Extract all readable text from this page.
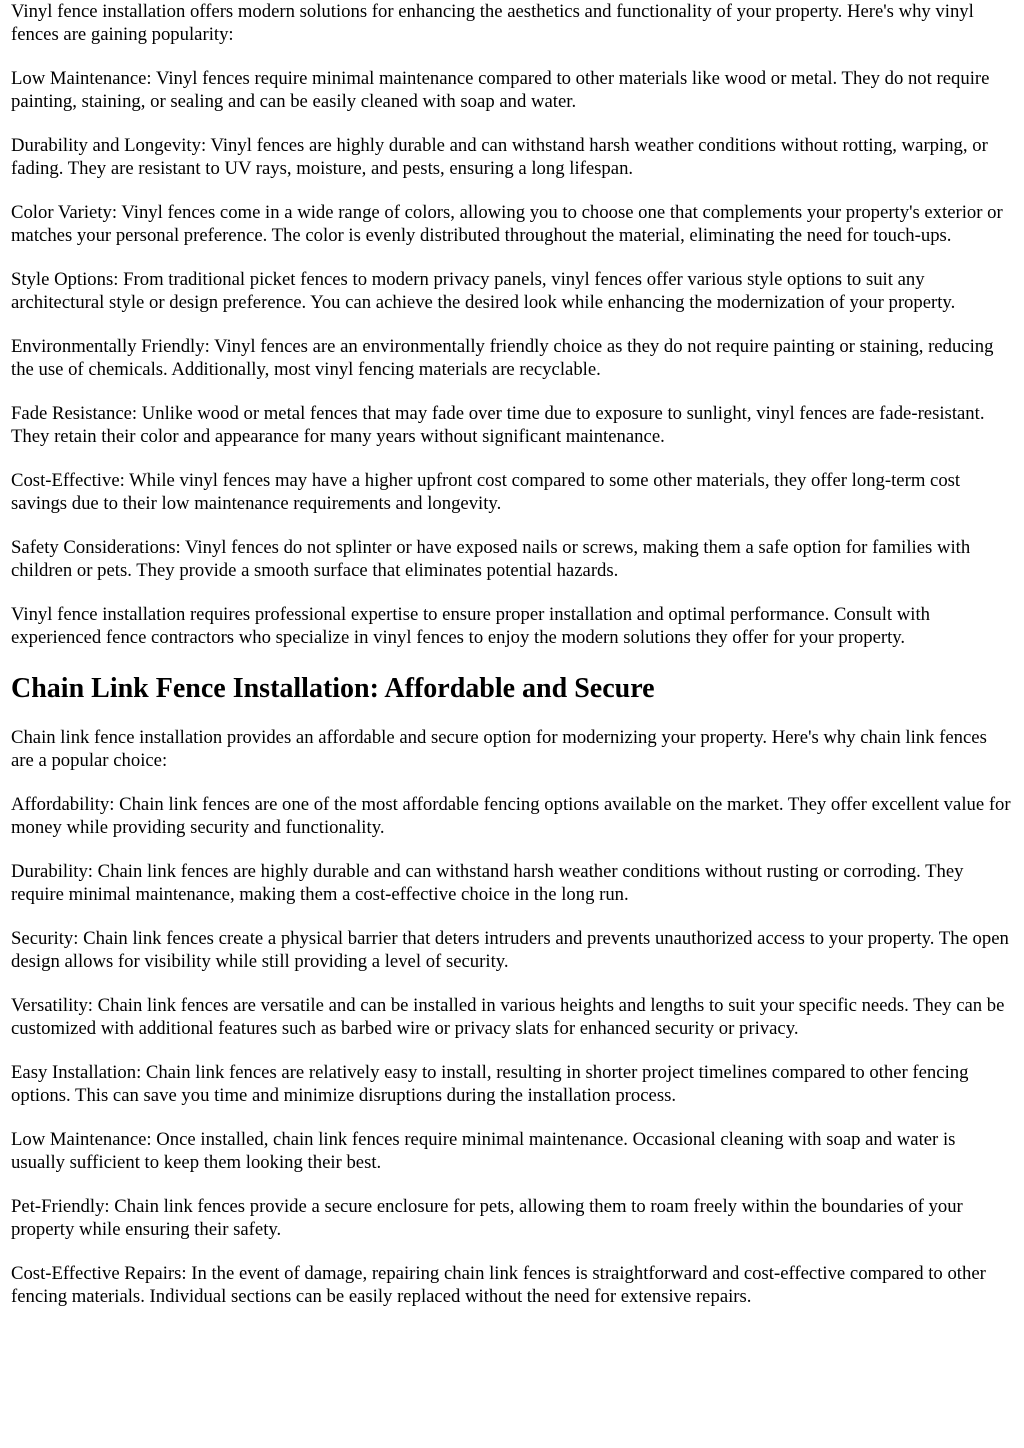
Vinyl fence installation offers modern solutions for enhancing the aesthetics and functionality of your property. Here's why vinyl fences are gaining popularity:

Low Maintenance: Vinyl fences require minimal maintenance compared to other materials like wood or metal. They do not require painting, staining, or sealing and can be easily cleaned with soap and water.

Durability and Longevity: Vinyl fences are highly durable and can withstand harsh weather conditions without rotting, warping, or fading. They are resistant to UV rays, moisture, and pests, ensuring a long lifespan.

Color Variety: Vinyl fences come in a wide range of colors, allowing you to choose one that complements your property's exterior or matches your personal preference. The color is evenly distributed throughout the material, eliminating the need for touch-ups.

Style Options: From traditional picket fences to modern privacy panels, vinyl fences offer various style options to suit any architectural style or design preference. You can achieve the desired look while enhancing the modernization of your property.

Environmentally Friendly: Vinyl fences are an environmentally friendly choice as they do not require painting or staining, reducing the use of chemicals. Additionally, most vinyl fencing materials are recyclable.

Fade Resistance: Unlike wood or metal fences that may fade over time due to exposure to sunlight, vinyl fences are fade-resistant. They retain their color and appearance for many years without significant maintenance.

Cost-Effective: While vinyl fences may have a higher upfront cost compared to some other materials, they offer long-term cost savings due to their low maintenance requirements and longevity.

Safety Considerations: Vinyl fences do not splinter or have exposed nails or screws, making them a safe option for families with children or pets. They provide a smooth surface that eliminates potential hazards.

Vinyl fence installation requires professional expertise to ensure proper installation and optimal performance. Consult with experienced fence contractors who specialize in vinyl fences to enjoy the modern solutions they offer for your property.

Chain Link Fence Installation: Affordable and Secure

Chain link fence installation provides an affordable and secure option for modernizing your property. Here's why chain link fences are a popular choice:

Affordability: Chain link fences are one of the most affordable fencing options available on the market. They offer excellent value for money while providing security and functionality.

Durability: Chain link fences are highly durable and can withstand harsh weather conditions without rusting or corroding. They require minimal maintenance, making them a cost-effective choice in the long run.

Security: Chain link fences create a physical barrier that deters intruders and prevents unauthorized access to your property. The open design allows for visibility while still providing a level of security.

Versatility: Chain link fences are versatile and can be installed in various heights and lengths to suit your specific needs. They can be customized with additional features such as barbed wire or privacy slats for enhanced security or privacy.

Easy Installation: Chain link fences are relatively easy to install, resulting in shorter project timelines compared to other fencing options. This can save you time and minimize disruptions during the installation process.

Low Maintenance: Once installed, chain link fences require minimal maintenance. Occasional cleaning with soap and water is usually sufficient to keep them looking their best.

Pet-Friendly: Chain link fences provide a secure enclosure for pets, allowing them to roam freely within the boundaries of your property while ensuring their safety.

Cost-Effective Repairs: In the event of damage, repairing chain link fences is straightforward and cost-effective compared to other fencing materials. Individual sections can be easily replaced without the need for extensive repairs.
